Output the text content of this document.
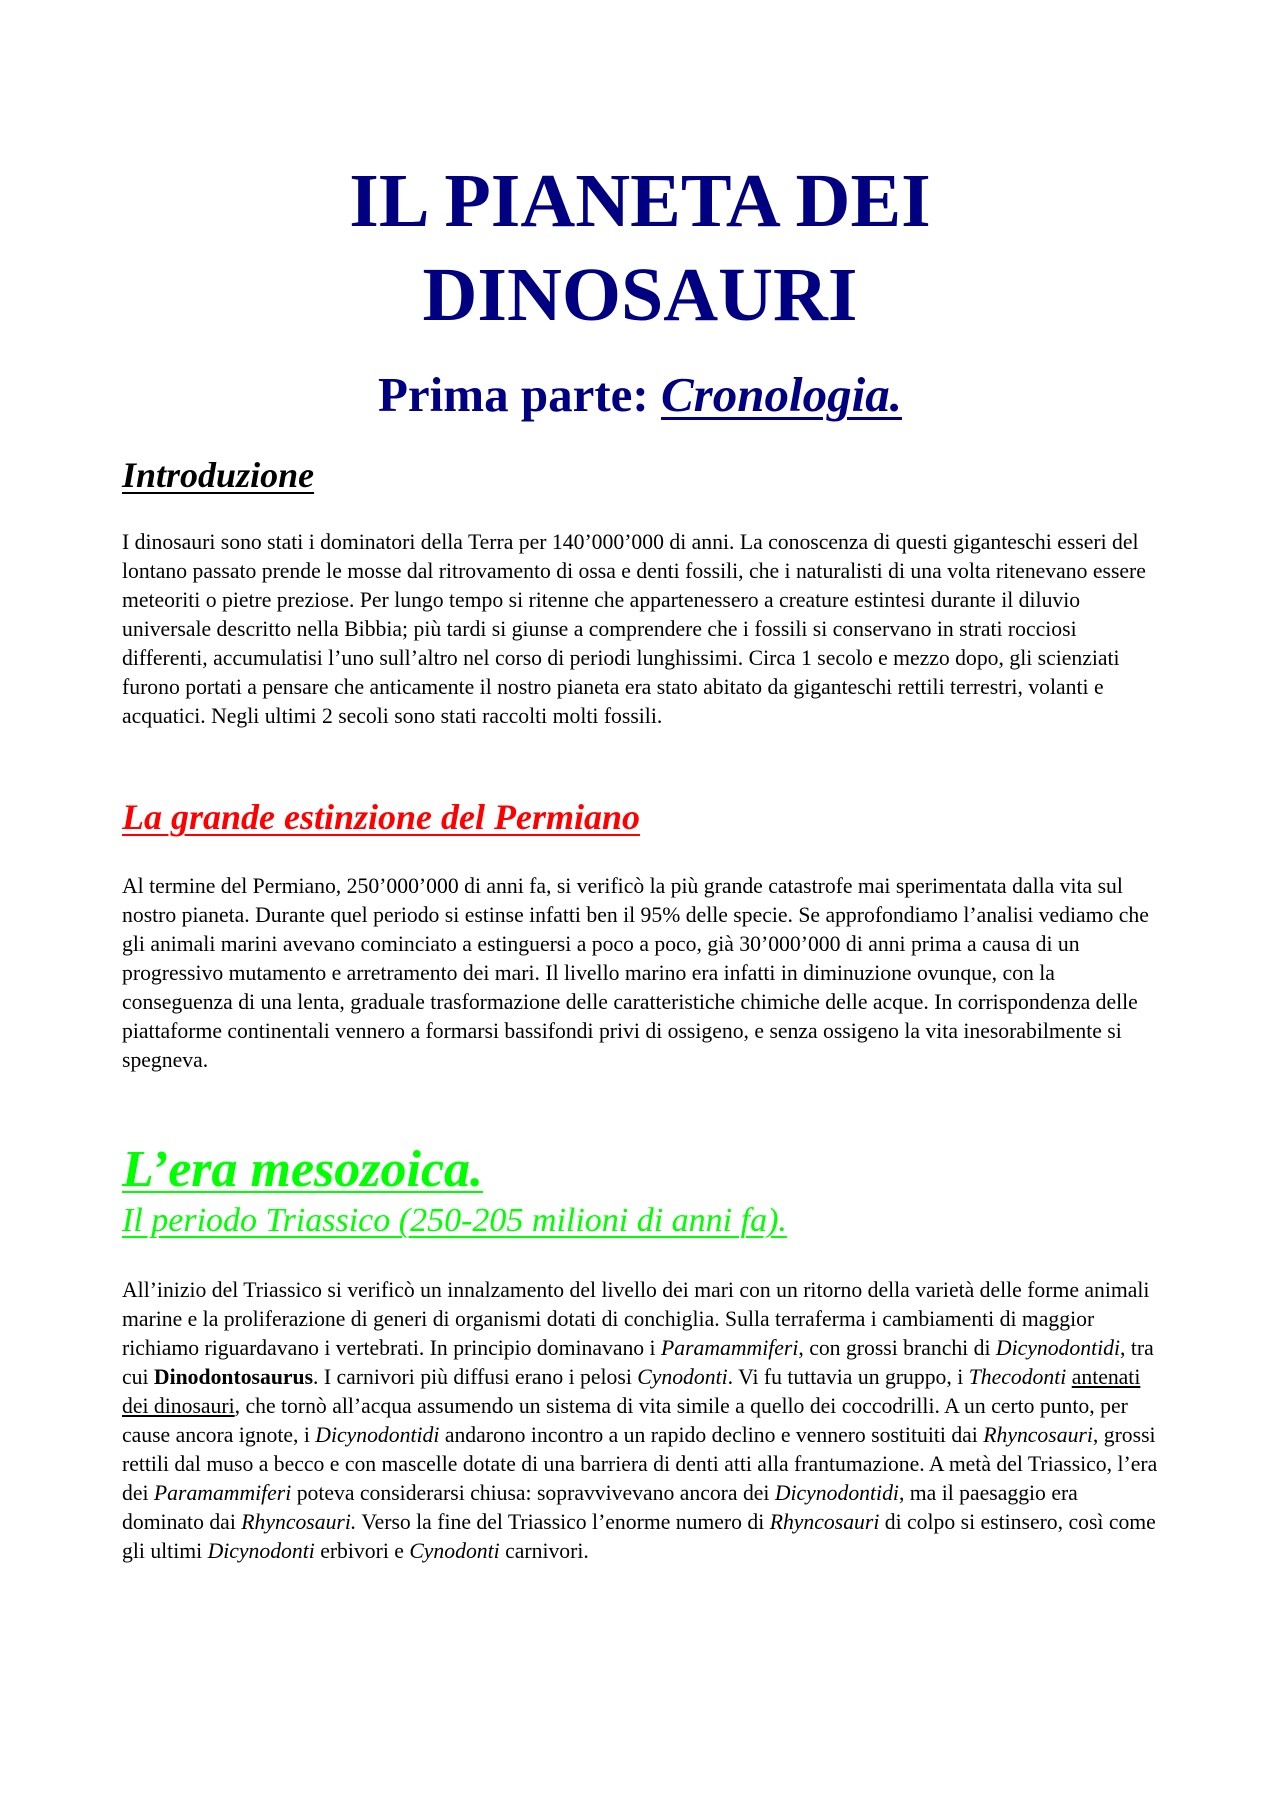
IL PIANETA DEI
DINOSAURI
Prima parte: Cronologia.
Introduzione

I dinosauri sono stati i dominatori della Terra per 140’000’000 di anni. La conoscenza di questi giganteschi esseri del lontano passato prende le mosse dal ritrovamento di ossa e denti fossili, che i naturalisti di una volta ritenevano essere meteoriti o pietre preziose. Per lungo tempo si ritenne che appartenessero a creature estintesi durante il diluvio universale descritto nella Bibbia; più tardi si giunse a comprendere che i fossili si conservano in strati rocciosi differenti, accumulatisi l’uno sull’altro nel corso di periodi lunghissimi. Circa 1 secolo e mezzo dopo, gli scienziati furono portati a pensare che anticamente il nostro pianeta era stato abitato da giganteschi rettili terrestri, volanti e acquatici. Negli ultimi 2 secoli sono stati raccolti molti fossili.

La grande estinzione del Permiano

Al termine del Permiano, 250’000’000 di anni fa, si verificò la più grande catastrofe mai sperimentata dalla vita sul nostro pianeta. Durante quel periodo si estinse infatti ben il 95% delle specie. Se approfondiamo l’analisi vediamo che gli animali marini avevano cominciato a estinguersi a poco a poco, già 30’000’000 di anni prima a causa di un progressivo mutamento e arretramento dei mari. Il livello marino era infatti in diminuzione ovunque, con la conseguenza di una lenta, graduale trasformazione delle caratteristiche chimiche delle acque. In corrispondenza delle piattaforme continentali vennero a formarsi bassifondi privi di ossigeno, e senza ossigeno la vita inesorabilmente si spegneva.

L’era mesozoica.
Il periodo Triassico (250-205 milioni di anni fa).

All’inizio del Triassico si verificò un innalzamento del livello dei mari con un ritorno della varietà delle forme animali marine e la proliferazione di generi di organismi dotati di conchiglia. Sulla terraferma i cambiamenti di maggior richiamo riguardavano i vertebrati. In principio dominavano i Paramammiferi, con grossi branchi di Dicynodontidi, tra cui Dinodontosaurus. I carnivori più diffusi erano i pelosi Cynodonti. Vi fu tuttavia un gruppo, i Thecodonti antenati dei dinosauri, che tornò all’acqua assumendo un sistema di vita simile a quello dei coccodrilli. A un certo punto, per cause ancora ignote, i Dicynodontidi andarono incontro a un rapido declino e vennero sostituiti dai Rhyncosauri, grossi rettili dal muso a becco e con mascelle dotate di una barriera di denti atti alla frantumazione. A metà del Triassico, l’era dei Paramammiferi poteva considerarsi chiusa: sopravvivevano ancora dei Dicynodontidi, ma il paesaggio era dominato dai Rhyncosauri. Verso la fine del Triassico l’enorme numero di Rhyncosauri di colpo si estinsero, così come gli ultimi Dicynodonti erbivori e Cynodonti carnivori.
